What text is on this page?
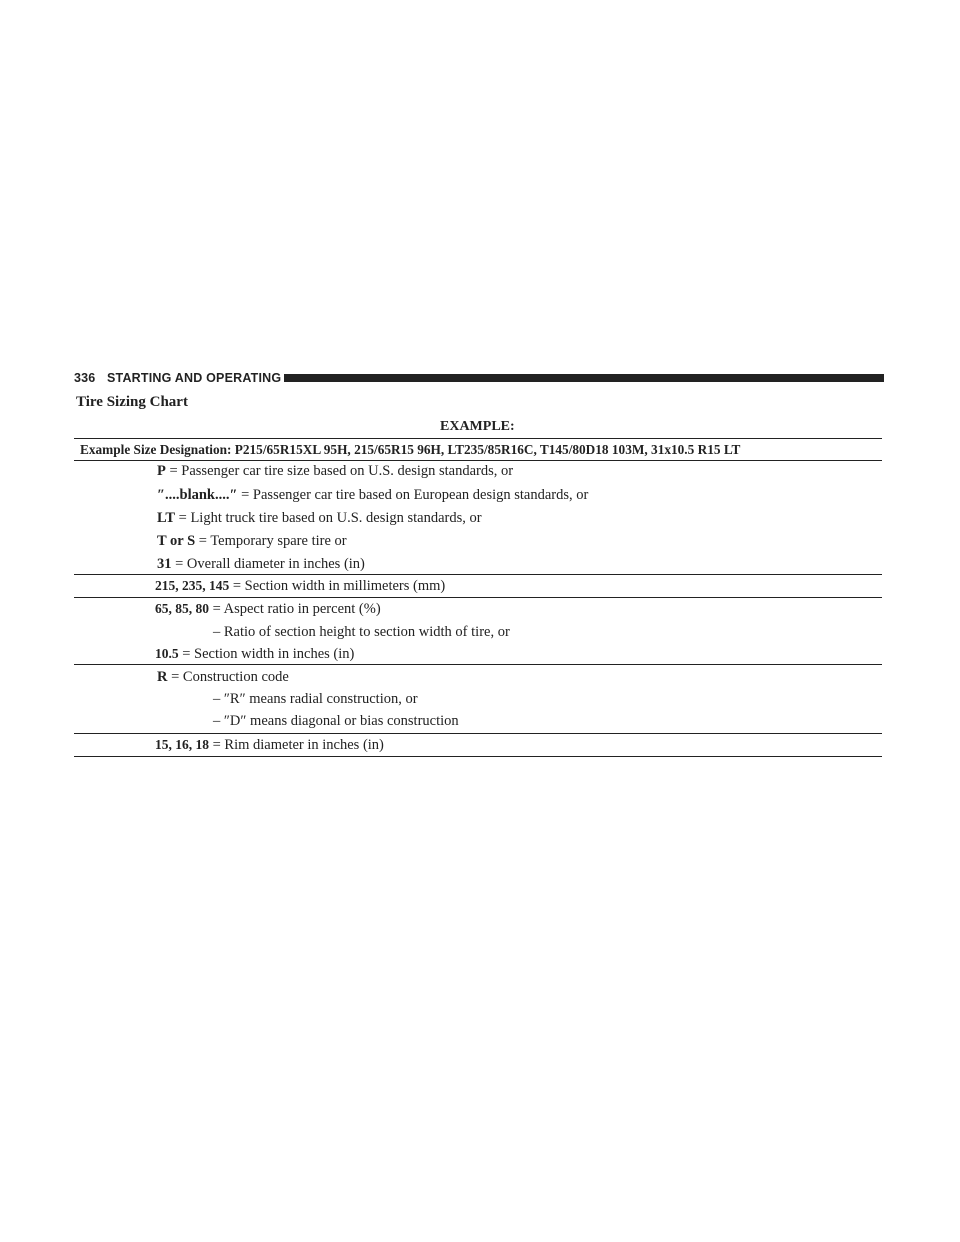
336 STARTING AND OPERATING
Tire Sizing Chart
EXAMPLE:
Example Size Designation: P215/65R15XL 95H, 215/65R15 96H, LT235/85R16C, T145/80D18 103M, 31x10.5 R15 LT
P = Passenger car tire size based on U.S. design standards, or
″....blank....″ = Passenger car tire based on European design standards, or
LT = Light truck tire based on U.S. design standards, or
T or S = Temporary spare tire or
31 = Overall diameter in inches (in)
215, 235, 145 = Section width in millimeters (mm)
65, 85, 80 = Aspect ratio in percent (%)
– Ratio of section height to section width of tire, or
10.5 = Section width in inches (in)
R = Construction code
– ″R″ means radial construction, or
– ″D″ means diagonal or bias construction
15, 16, 18 = Rim diameter in inches (in)
